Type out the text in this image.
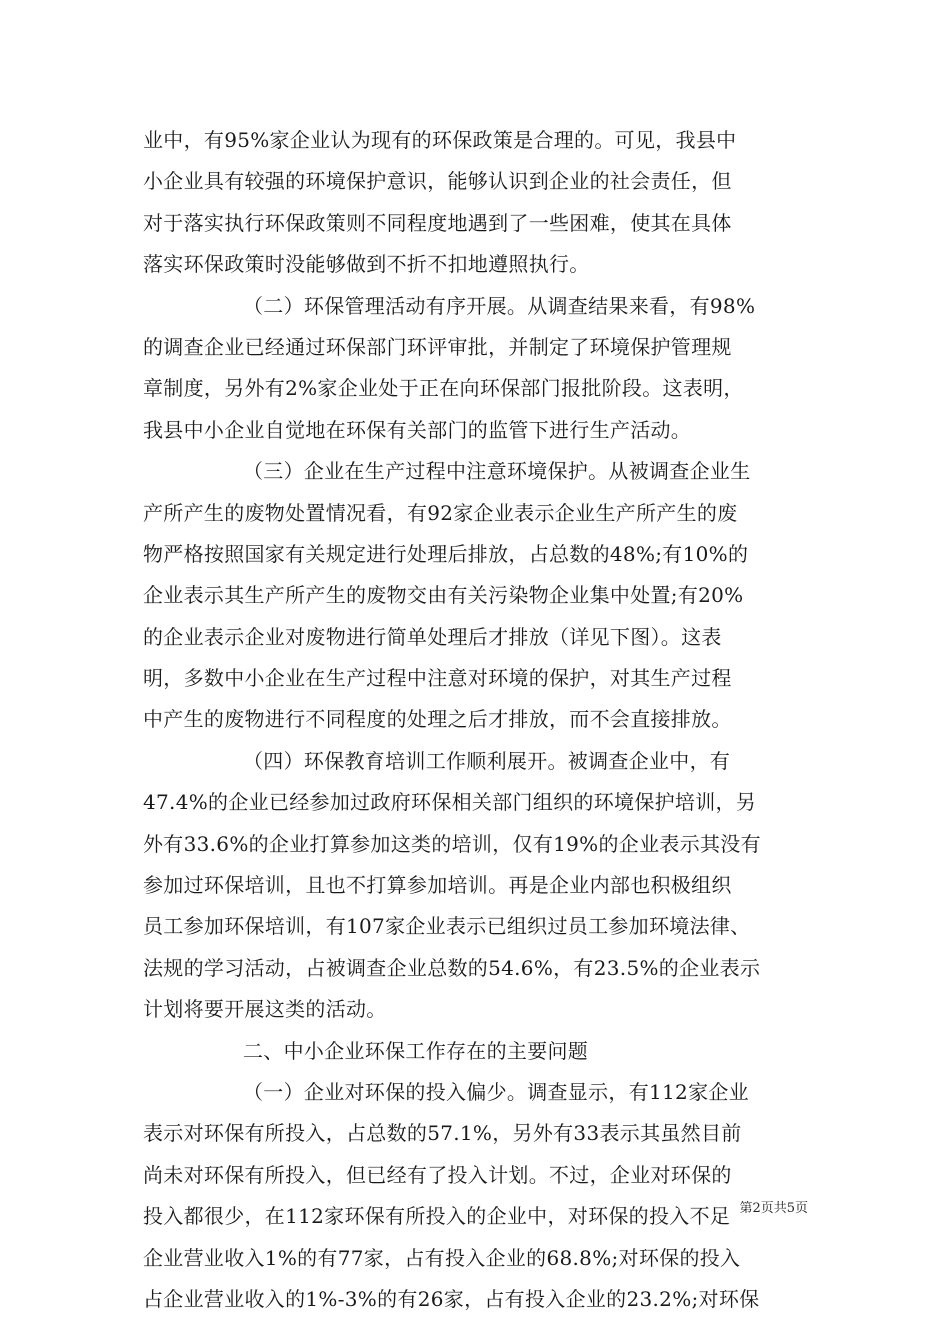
业中，有95%家企业认为现有的环保政策是合理的。可见，我县中
小企业具有较强的环境保护意识，能够认识到企业的社会责任，但
对于落实执行环保政策则不同程度地遇到了一些困难，使其在具体
落实环保政策时没能够做到不折不扣地遵照执行。
（二）环保管理活动有序开展。从调查结果来看，有98%
的调查企业已经通过环保部门环评审批，并制定了环境保护管理规
章制度，另外有2%家企业处于正在向环保部门报批阶段。这表明，
我县中小企业自觉地在环保有关部门的监管下进行生产活动。
（三）企业在生产过程中注意环境保护。从被调查企业生
产所产生的废物处置情况看，有92家企业表示企业生产所产生的废
物严格按照国家有关规定进行处理后排放，占总数的48%;有10%的
企业表示其生产所产生的废物交由有关污染物企业集中处置;有20%
的企业表示企业对废物进行简单处理后才排放（详见下图）。这表
明，多数中小企业在生产过程中注意对环境的保护，对其生产过程
中产生的废物进行不同程度的处理之后才排放，而不会直接排放。
（四）环保教育培训工作顺利展开。被调查企业中，有
47.4%的企业已经参加过政府环保相关部门组织的环境保护培训，另
外有33.6%的企业打算参加这类的培训，仅有19%的企业表示其没有
参加过环保培训，且也不打算参加培训。再是企业内部也积极组织
员工参加环保培训，有107家企业表示已组织过员工参加环境法律、
法规的学习活动，占被调查企业总数的54.6%，有23.5%的企业表示
计划将要开展这类的活动。
二、中小企业环保工作存在的主要问题
（一）企业对环保的投入偏少。调查显示，有112家企业
表示对环保有所投入，占总数的57.1%，另外有33表示其虽然目前
尚未对环保有所投入，但已经有了投入计划。不过，企业对环保的
投入都很少，在112家环保有所投入的企业中，对环保的投入不足
企业营业收入1%的有77家，占有投入企业的68.8%;对环保的投入
占企业营业收入的1%-3%的有26家，占有投入企业的23.2%;对环保
第2页共5页
